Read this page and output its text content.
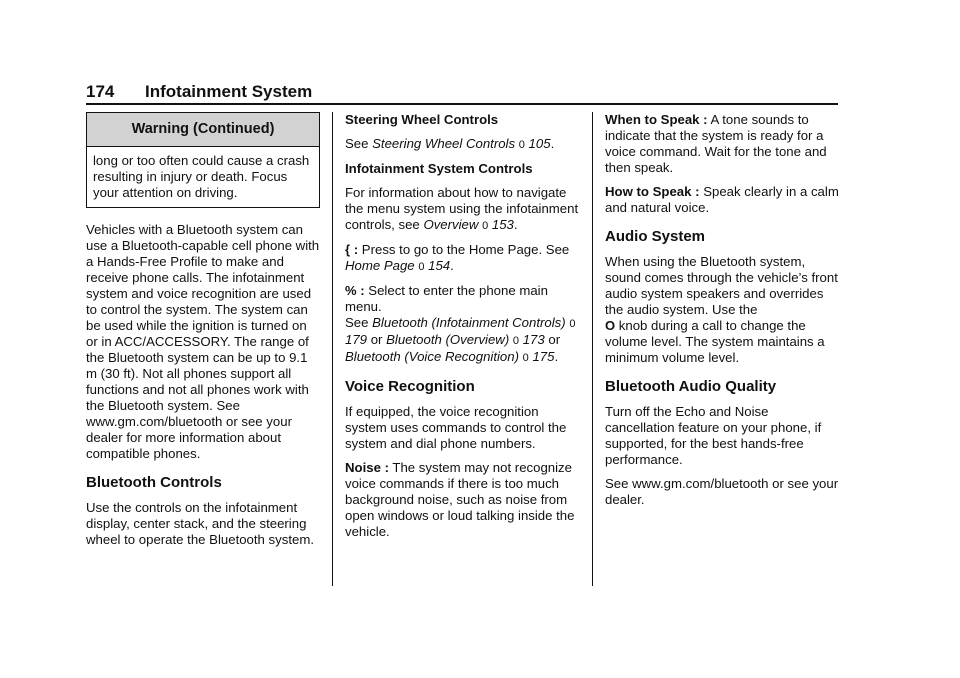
174 Infotainment System
Warning (Continued)
long or too often could cause a crash resulting in injury or death. Focus your attention on driving.

Vehicles with a Bluetooth system can use a Bluetooth-capable cell phone with a Hands-Free Profile to make and receive phone calls. The infotainment system and voice recognition are used to control the system. The system can be used while the ignition is turned on or in ACC/ACCESSORY. The range of the Bluetooth system can be up to 9.1 m (30 ft). Not all phones support all functions and not all phones work with the Bluetooth system. See www.gm.com/bluetooth or see your dealer for more information about compatible phones.

Bluetooth Controls

Use the controls on the infotainment display, center stack, and the steering wheel to operate the Bluetooth system.

Steering Wheel Controls

See Steering Wheel Controls 0 105.

Infotainment System Controls

For information about how to navigate the menu system using the infotainment controls, see Overview 0 153.

{ : Press to go to the Home Page. See Home Page 0 154.

% : Select to enter the phone main menu.
See Bluetooth (Infotainment Controls) 0 179 or Bluetooth (Overview) 0 173 or Bluetooth (Voice Recognition) 0 175.

Voice Recognition

If equipped, the voice recognition system uses commands to control the system and dial phone numbers.

Noise : The system may not recognize voice commands if there is too much background noise, such as noise from open windows or loud talking inside the vehicle.

When to Speak : A tone sounds to indicate that the system is ready for a voice command. Wait for the tone and then speak.

How to Speak : Speak clearly in a calm and natural voice.

Audio System

When using the Bluetooth system, sound comes through the vehicle’s front audio system speakers and overrides the audio system. Use the
O knob during a call to change the volume level. The system maintains a minimum volume level.

Bluetooth Audio Quality

Turn off the Echo and Noise cancellation feature on your phone, if supported, for the best hands-free performance.

See www.gm.com/bluetooth or see your dealer.
